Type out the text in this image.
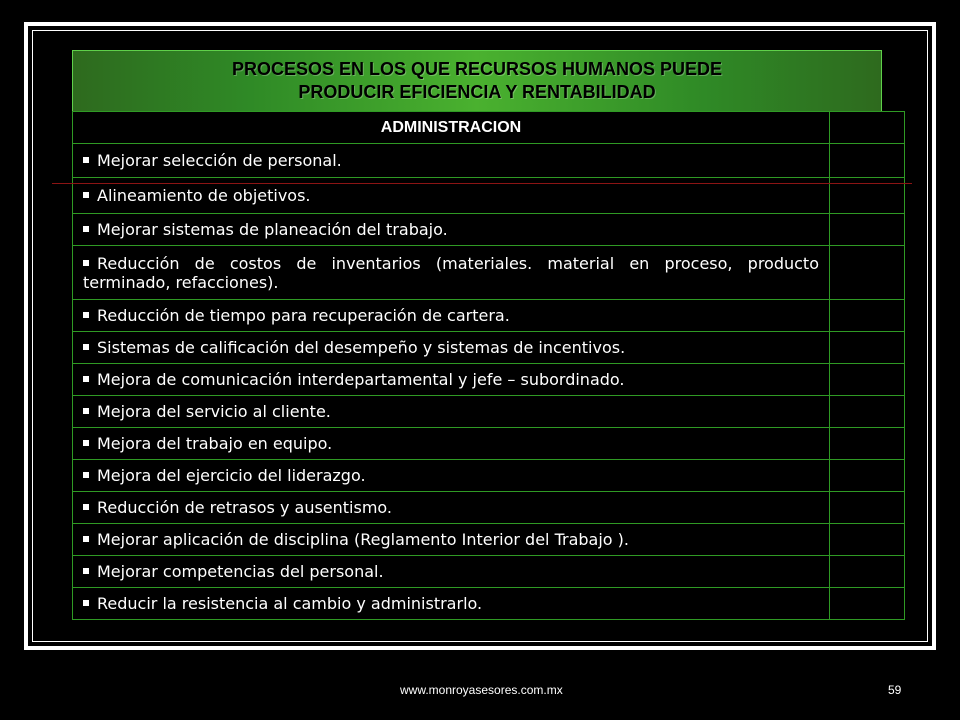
PROCESOS EN LOS QUE RECURSOS HUMANOS PUEDE
PRODUCIR EFICIENCIA Y RENTABILIDAD
ADMINISTRACION	
Mejorar selección de personal.	
Alineamiento de objetivos.	
Mejorar sistemas de planeación del trabajo.	
Reducción de costos de inventarios (materiales. material en proceso, producto terminado, refacciones).	
Reducción de tiempo para recuperación de cartera.	
Sistemas de calificación del desempeño y sistemas de incentivos.	
Mejora de comunicación interdepartamental y jefe – subordinado.	
Mejora del servicio al cliente.	
Mejora del trabajo en equipo.	
Mejora del ejercicio del liderazgo.	
Reducción de retrasos y ausentismo.	
Mejorar aplicación de disciplina (Reglamento Interior del Trabajo ).	
Mejorar competencias del personal.	
Reducir la resistencia al cambio y administrarlo.	
www.monroyasesores.com.mx	59
